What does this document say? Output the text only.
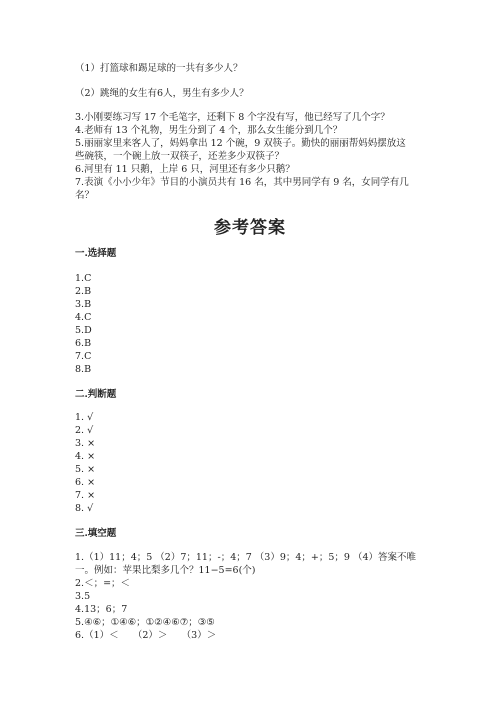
（1）打篮球和踢足球的一共有多少人？
（2）跳绳的女生有6人，男生有多少人？
3.小刚要练习写 17 个毛笔字，还剩下 8 个字没有写，他已经写了几个字？
4.老师有 13 个礼物，男生分到了 4 个，那么女生能分到几个？
5.丽丽家里来客人了，妈妈拿出 12 个碗，9 双筷子。勤快的丽丽帮妈妈摆放这
些碗筷，一个碗上放一双筷子，还差多少双筷子？
6.河里有 11 只鹅，上岸 6 只，河里还有多少只鹅？
7.表演《小小少年》节目的小演员共有 16 名，其中男同学有 9 名，女同学有几
名？
参考答案
一.选择题
1.C
2.B
3.B
4.C
5.D
6.B
7.C
8.B
二.判断题
1. √
2. √
3. ×
4. ×
5. ×
6. ×
7. ×
8. √
三.填空题
1.（1）11；4；5 （2）7；11；-；4；7 （3）9；4；+；5；9 （4）答案不唯
一。例如：苹果比梨多几个？11−5=6(个)
2.＜；=；＜
3.5
4.13；6；7
5.④⑥；①④⑥；①②④⑥⑦；③⑤
6.（1）＜　　（2）＞　　（3）＞
